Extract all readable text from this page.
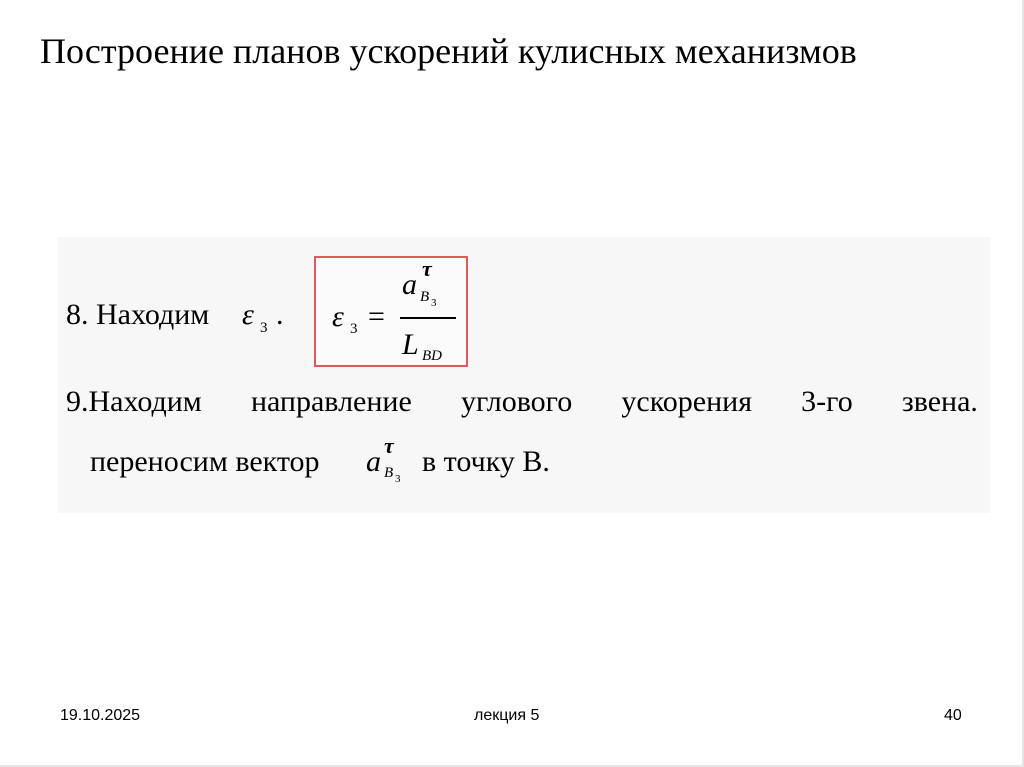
Построение планов ускорений кулисных механизмов
8. Находим ε 3 . ε 3 =
a τ
B 3
L BD
9.Находим направление углового ускорения 3-го звена.
переносим вектор a τ
B 3
в точку В.
19.10.2025	лекция 5	40
